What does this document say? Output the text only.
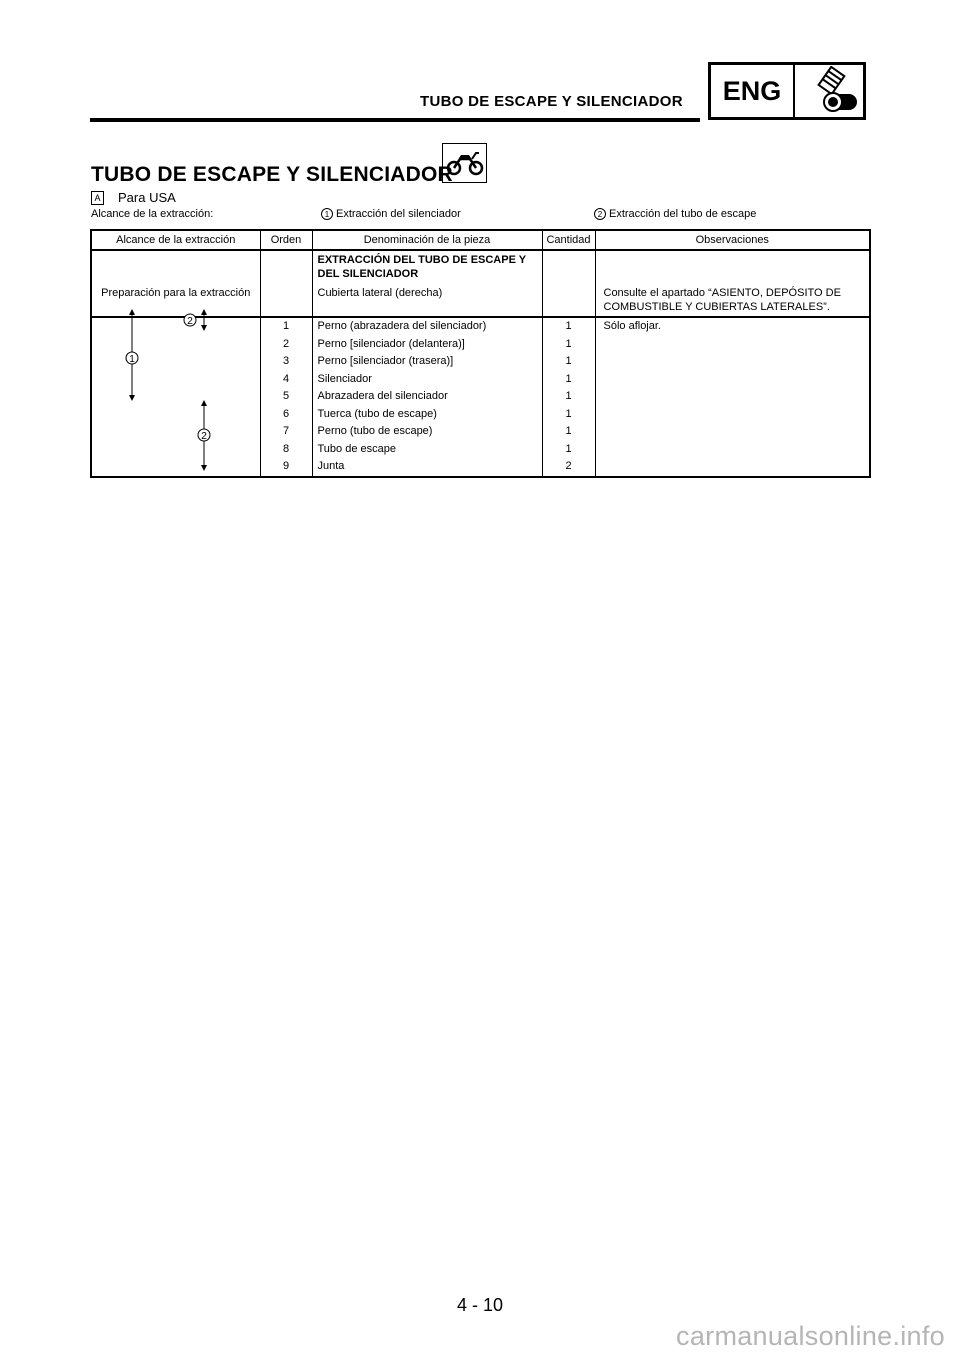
TUBO DE ESCAPE Y SILENCIADOR	ENG
TUBO DE ESCAPE Y SILENCIADOR
A Para USA
Alcance de la extracción:	1 Extracción del silenciador	2 Extracción del tubo de escape
Alcance de la extracción	Orden	Denominación de la pieza	Cantidad	Observaciones

		EXTRACCIÓN DEL TUBO DE ESCAPE Y
DEL SILENCIADOR		

Preparación para la extracción		Cubierta lateral (derecha)		Consulte el apartado “ASIENTO, DEPÓSITO DE
COMBUSTIBLE Y CUBIERTAS LATERALES”.

	1	Perno (abrazadera del silenciador)	1	Sólo aflojar.
	2	Perno [silenciador (delantera)]	1	
	3	Perno [silenciador (trasera)]	1	
	4	Silenciador	1	
	5	Abrazadera del silenciador	1	
	6	Tuerca (tubo de escape)	1	
	7	Perno (tubo de escape)	1	
	8	Tubo de escape	1	
	9	Junta	2	
1
2
2
4 - 10
carmanualsonline.info
